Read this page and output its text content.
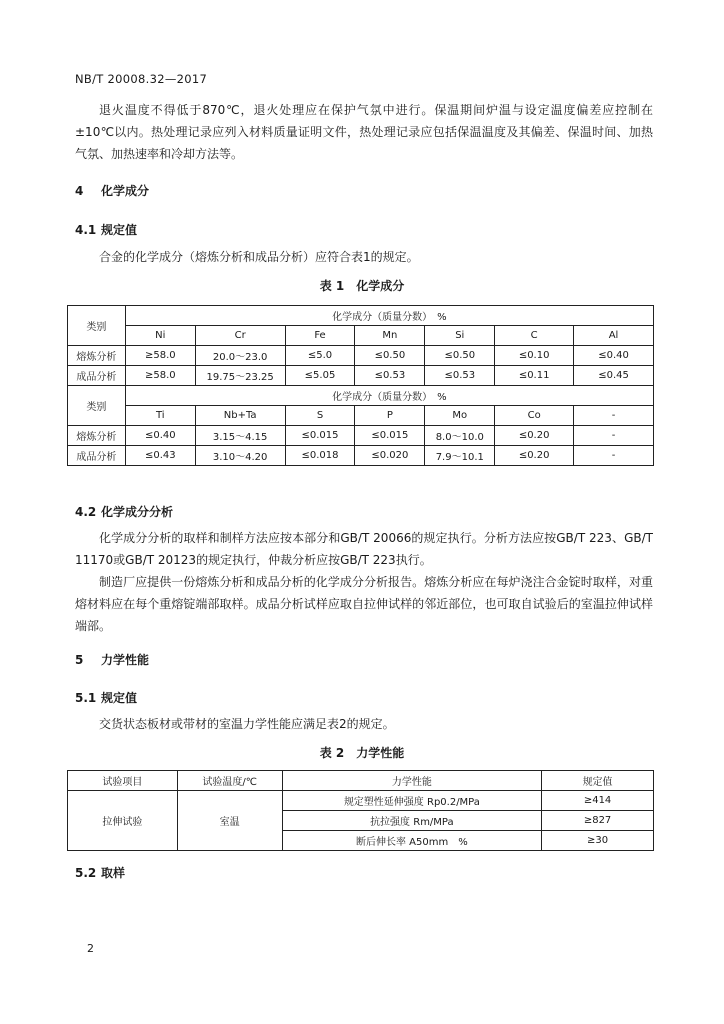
NB/T 20008.32—2017

退火温度不得低于870℃，退火处理应在保护气氛中进行。保温期间炉温与设定温度偏差应控制在±10℃以内。热处理记录应列入材料质量证明文件，热处理记录应包括保温温度及其偏差、保温时间、加热气氛、加热速率和冷却方法等。

4 化学成分
4.1 规定值

合金的化学成分（熔炼分析和成品分析）应符合表1的规定。

表 1　化学成分
类别	化学成分（质量分数）　%						
	Ni	Cr	Fe	Mn	Si	C	Al
熔炼分析	≥58.0	20.0～23.0	≤5.0	≤0.50	≤0.50	≤0.10	≤0.40
成品分析	≥58.0	19.75～23.25	≤5.05	≤0.53	≤0.53	≤0.11	≤0.45
类别	化学成分（质量分数）　%						
	Ti	Nb+Ta	S	P	Mo	Co	-
熔炼分析	≤0.40	3.15～4.15	≤0.015	≤0.015	8.0～10.0	≤0.20	-
成品分析	≤0.43	3.10～4.20	≤0.018	≤0.020	7.9～10.1	≤0.20	-
4.2 化学成分分析

化学成分分析的取样和制样方法应按本部分和GB/T 20066的规定执行。分析方法应按GB/T 223、GB/T 11170或GB/T 20123的规定执行，仲裁分析应按GB/T 223执行。

制造厂应提供一份熔炼分析和成品分析的化学成分分析报告。熔炼分析应在每炉浇注合金锭时取样，对重熔材料应在每个重熔锭端部取样。成品分析试样应取自拉伸试样的邻近部位，也可取自试验后的室温拉伸试样端部。

5 力学性能
5.1 规定值

交货状态板材或带材的室温力学性能应满足表2的规定。

表 2　力学性能
试验项目	试验温度/℃	力学性能	规定值
拉伸试验	室温	规定塑性延伸强度 Rp0.2/MPa	≥414
		抗拉强度 Rm/MPa	≥827
		断后伸长率 A50mm　%	≥30
5.2 取样
2
